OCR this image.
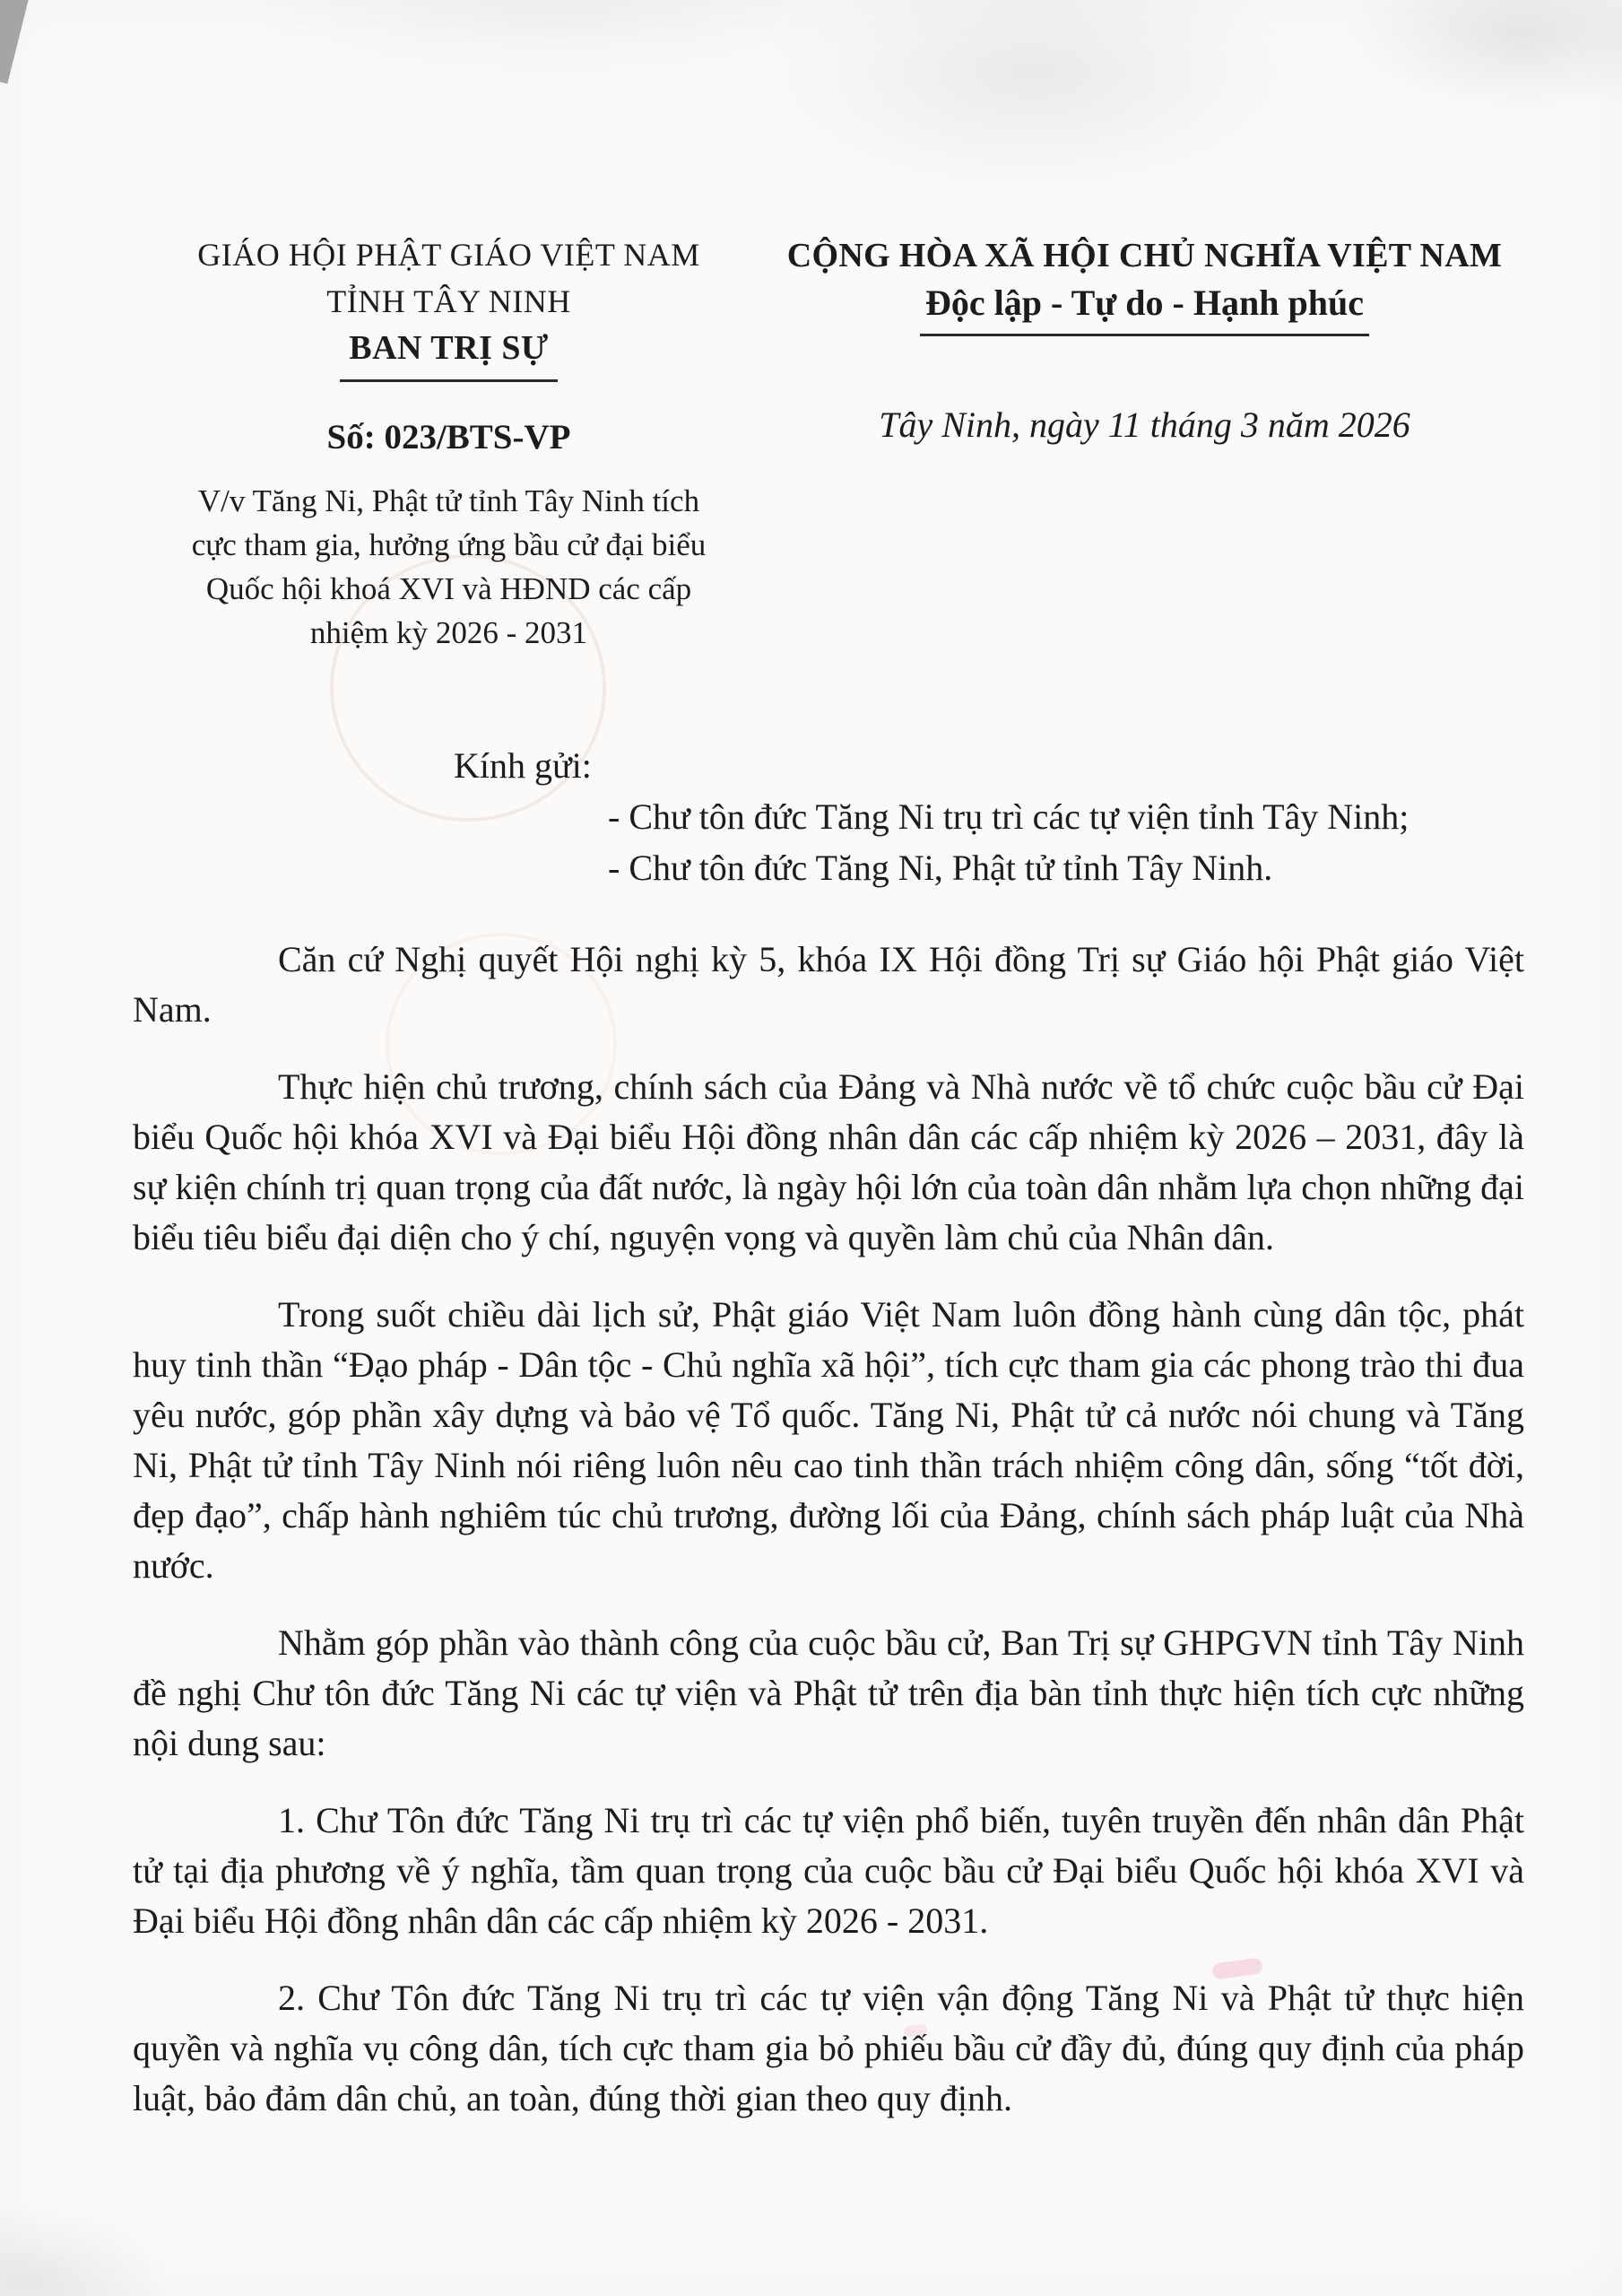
GIÁO HỘI PHẬT GIÁO VIỆT NAM
TỈNH TÂY NINH
BAN TRỊ SỰ
Số: 023/BTS-VP
V/v Tăng Ni, Phật tử tỉnh Tây Ninh tích cực tham gia, hưởng ứng bầu cử đại biểu Quốc hội khoá XVI và HĐND các cấp nhiệm kỳ 2026 - 2031
CỘNG HÒA XÃ HỘI CHỦ NGHĨA VIỆT NAM
Độc lập - Tự do - Hạnh phúc
Tây Ninh, ngày 11 tháng 3 năm 2026
Kính gửi:
- Chư tôn đức Tăng Ni trụ trì các tự viện tỉnh Tây Ninh;
- Chư tôn đức Tăng Ni, Phật tử tỉnh Tây Ninh.

Căn cứ Nghị quyết Hội nghị kỳ 5, khóa IX Hội đồng Trị sự Giáo hội Phật giáo Việt Nam.

Thực hiện chủ trương, chính sách của Đảng và Nhà nước về tổ chức cuộc bầu cử Đại biểu Quốc hội khóa XVI và Đại biểu Hội đồng nhân dân các cấp nhiệm kỳ 2026 – 2031, đây là sự kiện chính trị quan trọng của đất nước, là ngày hội lớn của toàn dân nhằm lựa chọn những đại biểu tiêu biểu đại diện cho ý chí, nguyện vọng và quyền làm chủ của Nhân dân.

Trong suốt chiều dài lịch sử, Phật giáo Việt Nam luôn đồng hành cùng dân tộc, phát huy tinh thần “Đạo pháp - Dân tộc - Chủ nghĩa xã hội”, tích cực tham gia các phong trào thi đua yêu nước, góp phần xây dựng và bảo vệ Tổ quốc. Tăng Ni, Phật tử cả nước nói chung và Tăng Ni, Phật tử tỉnh Tây Ninh nói riêng luôn nêu cao tinh thần trách nhiệm công dân, sống “tốt đời, đẹp đạo”, chấp hành nghiêm túc chủ trương, đường lối của Đảng, chính sách pháp luật của Nhà nước.

Nhằm góp phần vào thành công của cuộc bầu cử, Ban Trị sự GHPGVN tỉnh Tây Ninh đề nghị Chư tôn đức Tăng Ni các tự viện và Phật tử trên địa bàn tỉnh thực hiện tích cực những nội dung sau:

1. Chư Tôn đức Tăng Ni trụ trì các tự viện phổ biến, tuyên truyền đến nhân dân Phật tử tại địa phương về ý nghĩa, tầm quan trọng của cuộc bầu cử Đại biểu Quốc hội khóa XVI và Đại biểu Hội đồng nhân dân các cấp nhiệm kỳ 2026 - 2031.

2. Chư Tôn đức Tăng Ni trụ trì các tự viện vận động Tăng Ni và Phật tử thực hiện quyền và nghĩa vụ công dân, tích cực tham gia bỏ phiếu bầu cử đầy đủ, đúng quy định của pháp luật, bảo đảm dân chủ, an toàn, đúng thời gian theo quy định.
